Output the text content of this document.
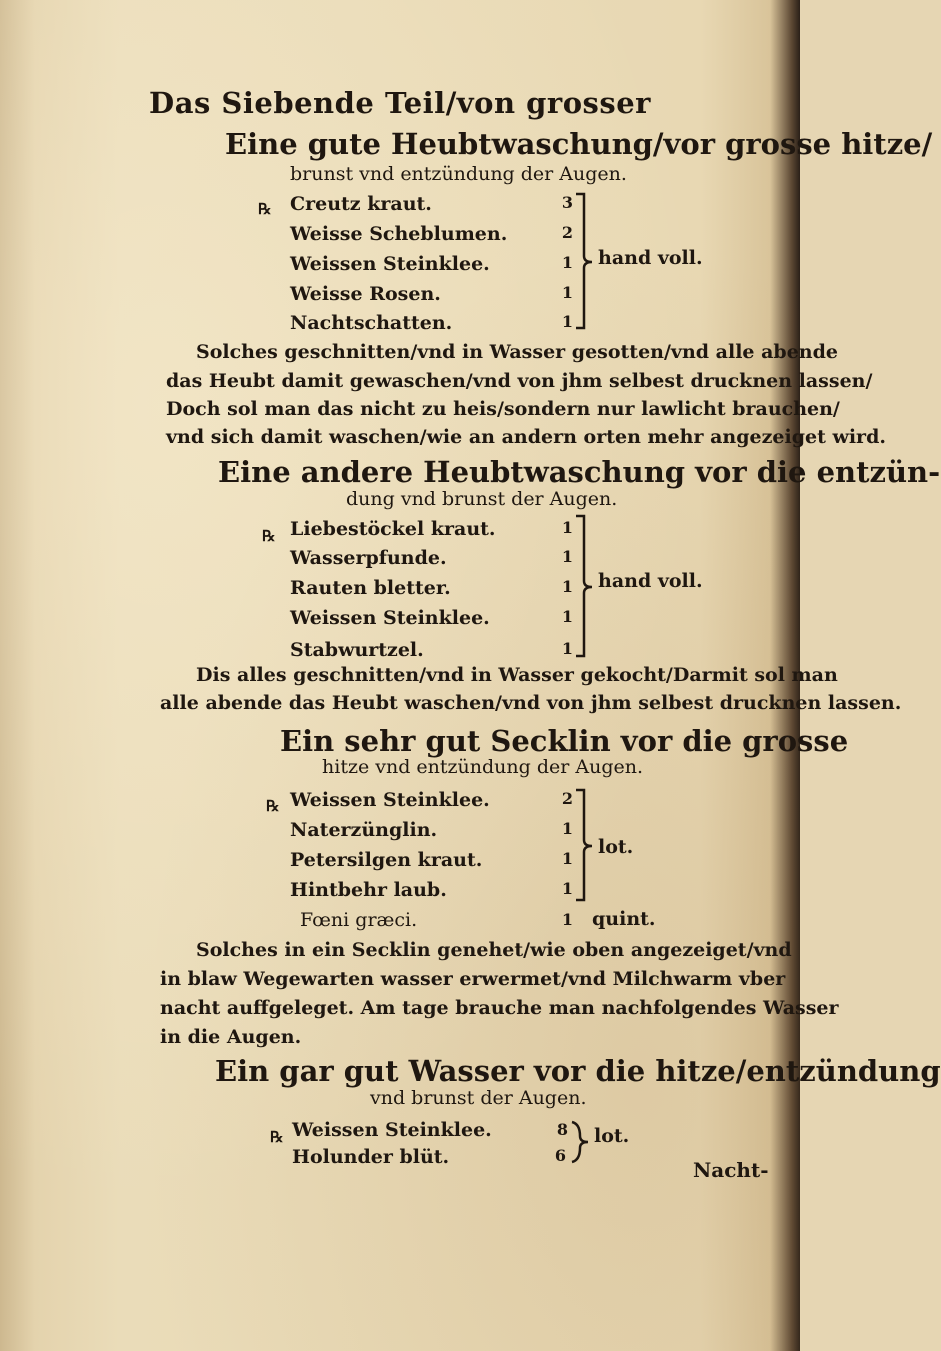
Das Siebende Teil/von grosser
Eine gute Heubtwaschung/vor grosse hitze/
brunst vnd entzündung der Augen.
℞ Creutz kraut.
Weisse Scheblumen.
Weissen Steinklee.
Weisse Rosen.
Nachtschatten.
3
2
1
1
1
hand voll.
Solches geschnitten/vnd in Wasser gesotten/vnd alle abende
das Heubt damit gewaschen/vnd von jhm selbest drucknen lassen/
Doch sol man das nicht zu heis/sondern nur lawlicht brauchen/
vnd sich damit waschen/wie an andern orten mehr angezeiget wird.
Eine andere Heubtwaschung vor die entzün-
dung vnd brunst der Augen.
℞ Liebestöckel kraut.
Wasserpfunde.
Rauten bletter.
Weissen Steinklee.
Stabwurtzel.
1
1
1
1
1
hand voll.
Dis alles geschnitten/vnd in Wasser gekocht/Darmit sol man
alle abende das Heubt waschen/vnd von jhm selbest drucknen lassen.
Ein sehr gut Secklin vor die grosse
hitze vnd entzündung der Augen.
℞ Weissen Steinklee.
Naterzünglin.
Petersilgen kraut.
Hintbehr laub.
2
1
1
1
lot.
Fœni græci.	1 quint.
Solches in ein Secklin genehet/wie oben angezeiget/vnd
in blaw Wegewarten wasser erwermet/vnd Milchwarm vber
nacht auffgeleget. Am tage brauche man nachfolgendes Wasser
in die Augen.
Ein gar gut Wasser vor die hitze/entzündung
vnd brunst der Augen.
℞ Weissen Steinklee.
Holunder blüt.
8
6
lot.
Nacht-
